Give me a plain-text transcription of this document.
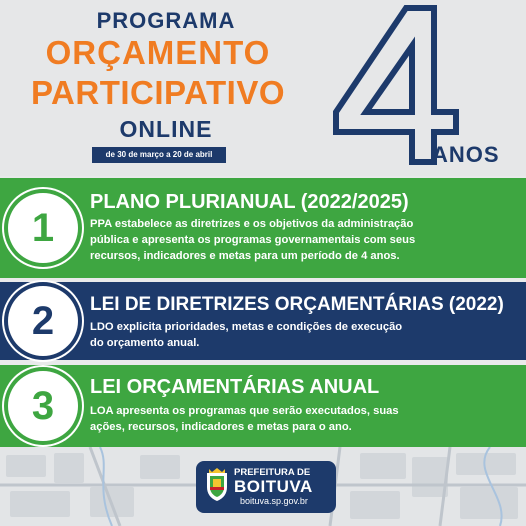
PROGRAMA
ORÇAMENTO
PARTICIPATIVO
ONLINE
de 30 de março a 20 de abril
4
ANOS
1
PLANO PLURIANUAL (2022/2025)
PPA estabelece as diretrizes e os objetivos da administração
pública e apresenta os programas governamentais com seus
recursos, indicadores e metas para um período de 4 anos.
2	LEI DE DIRETRIZES ORÇAMENTÁRIAS (2022)
LDO explicita prioridades, metas e condições de execução
do orçamento anual.
3	LEI ORÇAMENTÁRIAS ANUAL
LOA apresenta os programas que serão executados, suas
ações, recursos, indicadores e metas para o ano.
PREFEITURA DE
BOITUVA
boituva.sp.gov.br
